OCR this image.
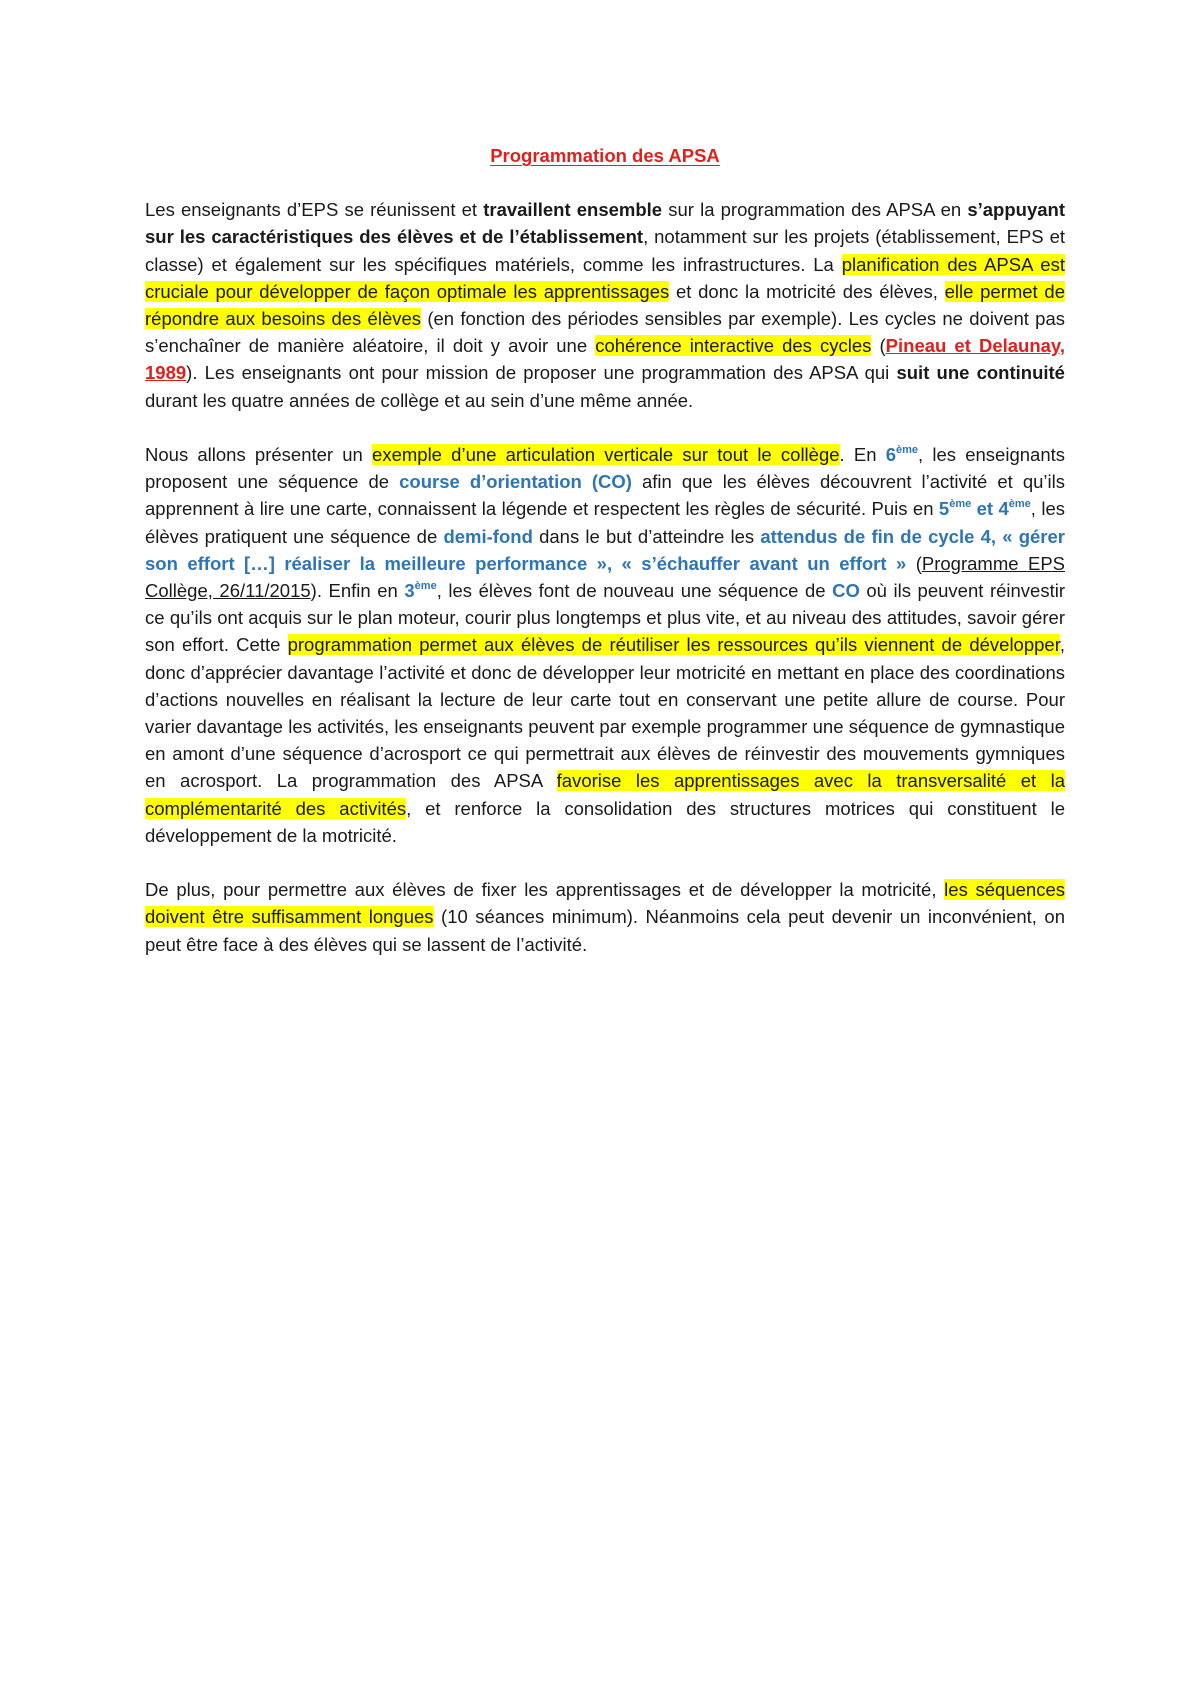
Programmation des APSA

Les enseignants d’EPS se réunissent et travaillent ensemble sur la programmation des APSA en s’appuyant sur les caractéristiques des élèves et de l’établissement, notamment sur les projets (établissement, EPS et classe) et également sur les spécifiques matériels, comme les infrastructures. La planification des APSA est cruciale pour développer de façon optimale les apprentissages et donc la motricité des élèves, elle permet de répondre aux besoins des élèves (en fonction des périodes sensibles par exemple). Les cycles ne doivent pas s’enchaîner de manière aléatoire, il doit y avoir une cohérence interactive des cycles (Pineau et Delaunay, 1989). Les enseignants ont pour mission de proposer une programmation des APSA qui suit une continuité durant les quatre années de collège et au sein d’une même année.

Nous allons présenter un exemple d’une articulation verticale sur tout le collège. En 6ème, les enseignants proposent une séquence de course d’orientation (CO) afin que les élèves découvrent l’activité et qu’ils apprennent à lire une carte, connaissent la légende et respectent les règles de sécurité. Puis en 5ème et 4ème, les élèves pratiquent une séquence de demi-fond dans le but d’atteindre les attendus de fin de cycle 4, « gérer son effort […] réaliser la meilleure performance », « s’échauffer avant un effort » (Programme EPS Collège, 26/11/2015). Enfin en 3ème, les élèves font de nouveau une séquence de CO où ils peuvent réinvestir ce qu’ils ont acquis sur le plan moteur, courir plus longtemps et plus vite, et au niveau des attitudes, savoir gérer son effort. Cette programmation permet aux élèves de réutiliser les ressources qu’ils viennent de développer, donc d’apprécier davantage l’activité et donc de développer leur motricité en mettant en place des coordinations d’actions nouvelles en réalisant la lecture de leur carte tout en conservant une petite allure de course. Pour varier davantage les activités, les enseignants peuvent par exemple programmer une séquence de gymnastique en amont d’une séquence d’acrosport ce qui permettrait aux élèves de réinvestir des mouvements gymniques en acrosport. La programmation des APSA favorise les apprentissages avec la transversalité et la complémentarité des activités, et renforce la consolidation des structures motrices qui constituent le développement de la motricité.

De plus, pour permettre aux élèves de fixer les apprentissages et de développer la motricité, les séquences doivent être suffisamment longues (10 séances minimum). Néanmoins cela peut devenir un inconvénient, on peut être face à des élèves qui se lassent de l’activité.
